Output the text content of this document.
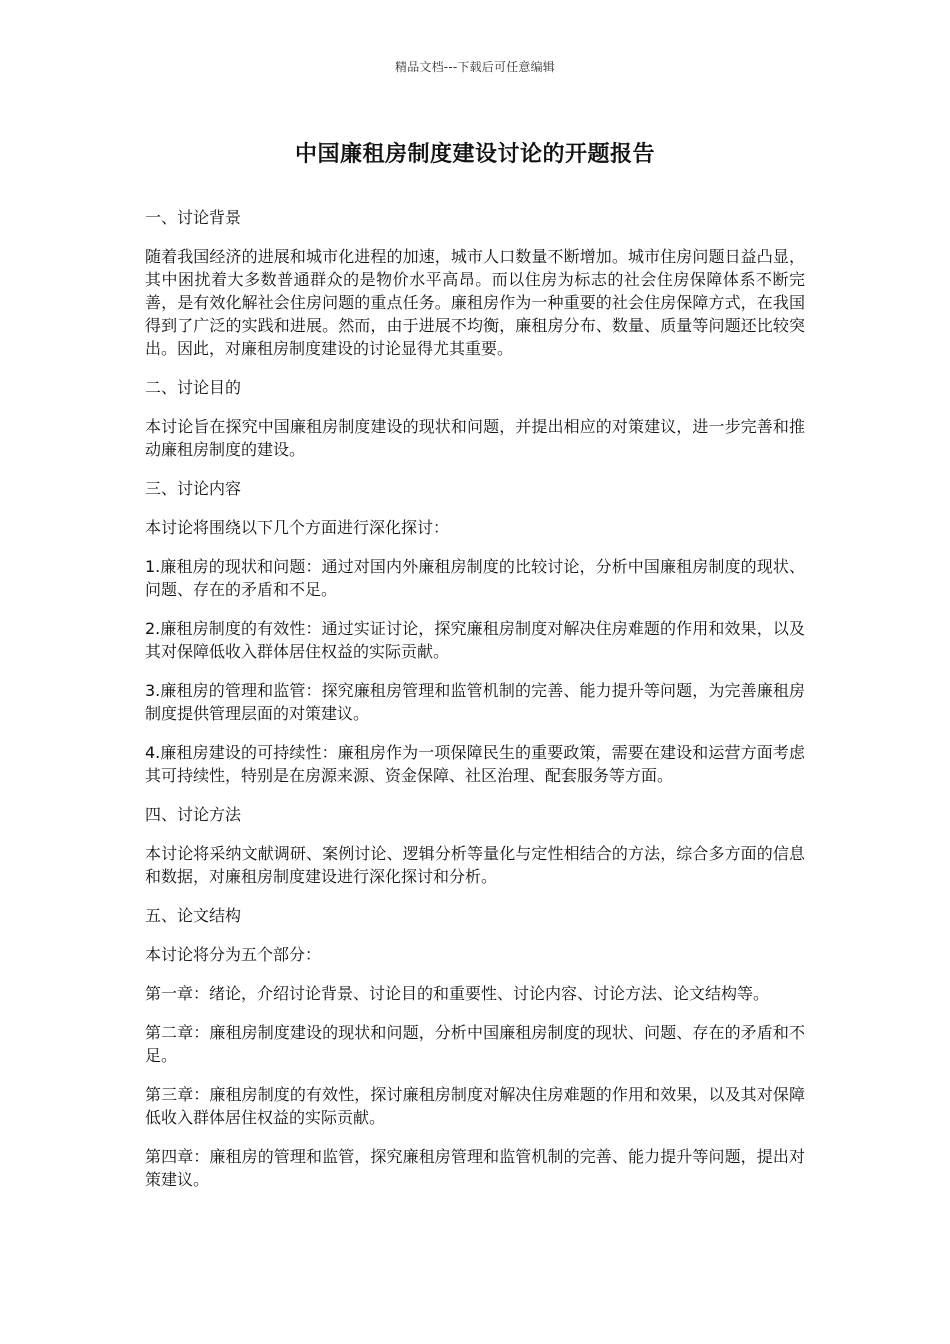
精品文档---下载后可任意编辑
中国廉租房制度建设讨论的开题报告

一、讨论背景

随着我国经济的进展和城市化进程的加速，城市人口数量不断增加。城市住房问题日益凸显，其中困扰着大多数普通群众的是物价水平高昂。而以住房为标志的社会住房保障体系不断完善，是有效化解社会住房问题的重点任务。廉租房作为一种重要的社会住房保障方式，在我国得到了广泛的实践和进展。然而，由于进展不均衡，廉租房分布、数量、质量等问题还比较突出。因此，对廉租房制度建设的讨论显得尤其重要。

二、讨论目的

本讨论旨在探究中国廉租房制度建设的现状和问题，并提出相应的对策建议，进一步完善和推动廉租房制度的建设。

三、讨论内容

本讨论将围绕以下几个方面进行深化探讨：

1.廉租房的现状和问题：通过对国内外廉租房制度的比较讨论，分析中国廉租房制度的现状、问题、存在的矛盾和不足。

2.廉租房制度的有效性：通过实证讨论，探究廉租房制度对解决住房难题的作用和效果，以及其对保障低收入群体居住权益的实际贡献。

3.廉租房的管理和监管：探究廉租房管理和监管机制的完善、能力提升等问题，为完善廉租房制度提供管理层面的对策建议。

4.廉租房建设的可持续性：廉租房作为一项保障民生的重要政策，需要在建设和运营方面考虑其可持续性，特别是在房源来源、资金保障、社区治理、配套服务等方面。

四、讨论方法

本讨论将采纳文献调研、案例讨论、逻辑分析等量化与定性相结合的方法，综合多方面的信息和数据，对廉租房制度建设进行深化探讨和分析。

五、论文结构

本讨论将分为五个部分：

第一章：绪论，介绍讨论背景、讨论目的和重要性、讨论内容、讨论方法、论文结构等。

第二章：廉租房制度建设的现状和问题，分析中国廉租房制度的现状、问题、存在的矛盾和不足。

第三章：廉租房制度的有效性，探讨廉租房制度对解决住房难题的作用和效果，以及其对保障低收入群体居住权益的实际贡献。

第四章：廉租房的管理和监管，探究廉租房管理和监管机制的完善、能力提升等问题，提出对策建议。
